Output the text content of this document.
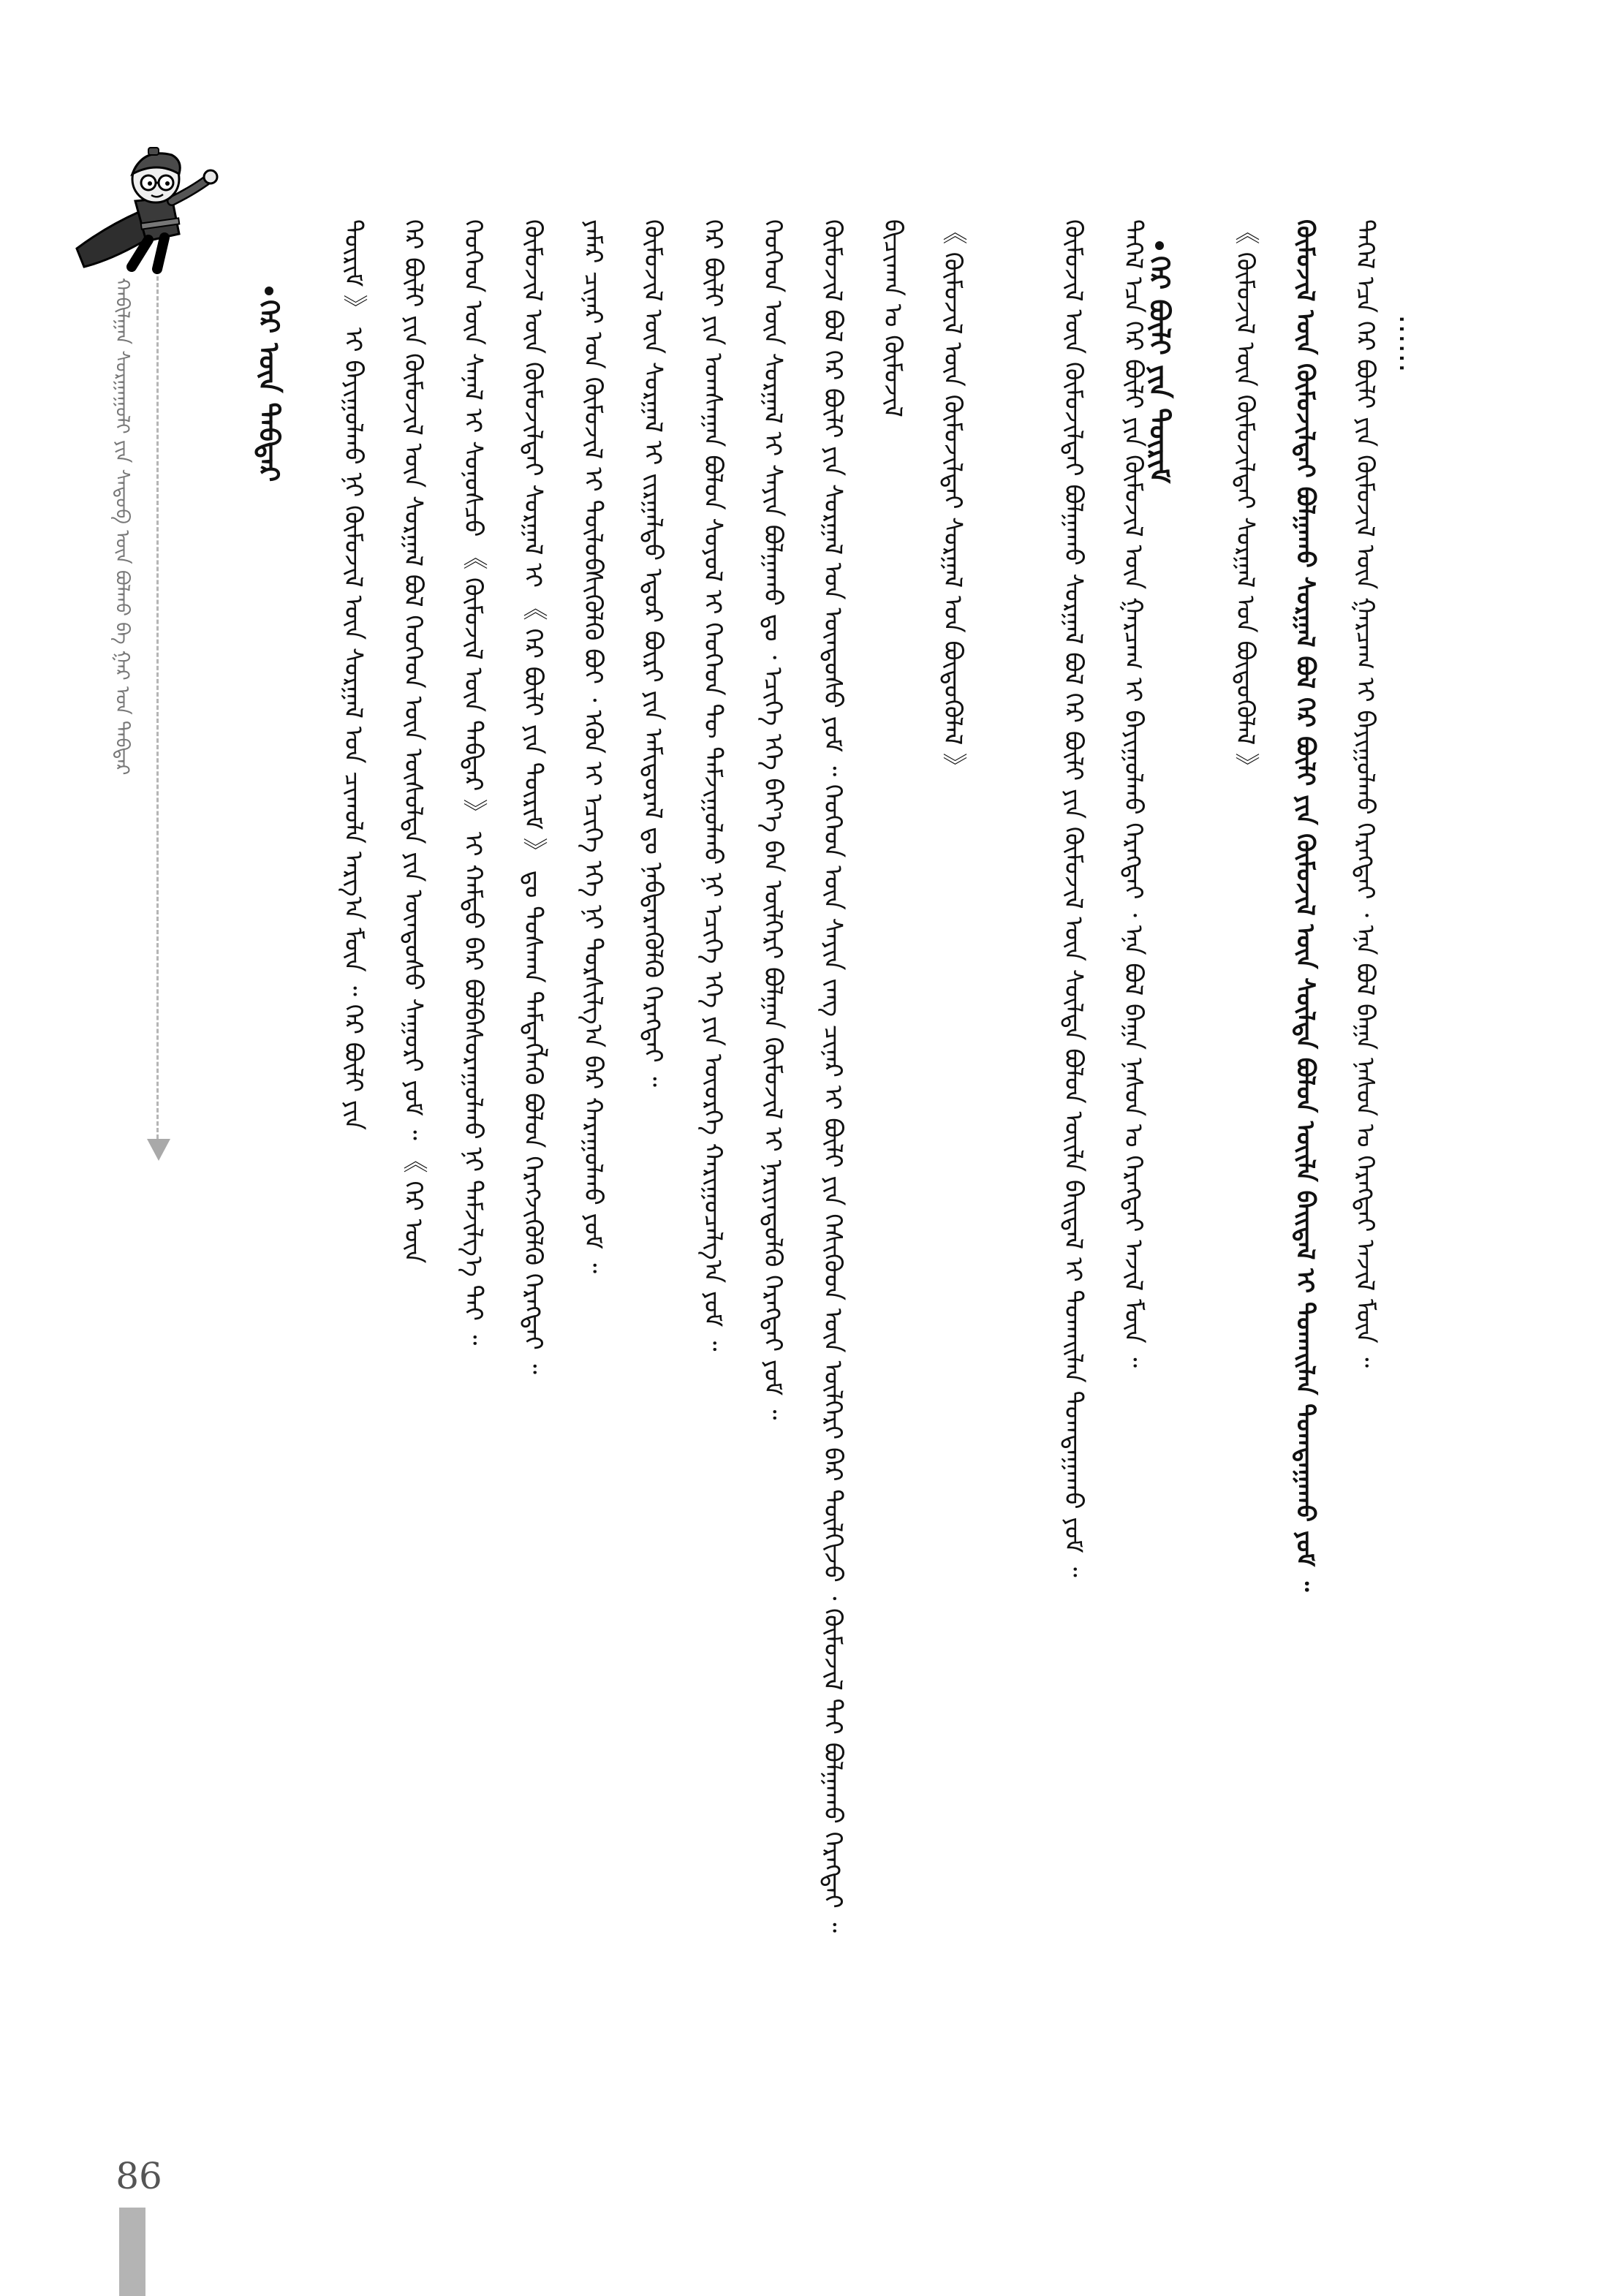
ᠬᠠᠪᠢᠯᠭᠠᠨ ᠰᠤᠷᠭᠠᠭᠤᠯᠢ ᠶᠢᠨ ᠰᠡᠳᠦᠪ ᠦᠨ ᠪᠤᠯᠬᠤ ᠪᠠ ᠭᠠᠷ ᠤᠨ ᠳᠡᠪᠲᠡᠷ	ᠭᠡᠷ ᠦᠨ ᠳᠡᠪᠲᠡᠷ ᠳᠦᠷᠢᠮ 》 ᠢ ᠪᠠᠶᠢᠭᠤᠯᠬᠤ ᠨᠢ ᠬᠦᠮᠦᠵᠢᠯ ᠦᠨ ᠰᠤᠷᠭᠠᠯ ᠤᠨ ᠴᠢᠬᠤᠯᠠ ᠠᠷᠭ᠎ᠠ ᠮᠦᠨ ᠃ ᠭᠡᠷ ᠪᠦᠯᠢ ᠶᠢᠨ ᠭᠡᠷ ᠪᠦᠯᠢ ᠶᠢᠨ ᠬᠦᠮᠦᠵᠢᠯ ᠦᠨ ᠰᠤᠷᠭᠠᠯ ᠪᠤᠯ ᠬᠡᠦᠬᠡᠳ ᠦᠨ ᠥᠰᠦᠯᠲᠡ ᠶᠢᠨ ᠦᠨᠳᠦᠰᠦ ᠰᠠᠭᠤᠷᠢ ᠶᠤᠮ ᠃ 《 ᠭᠡᠷ ᠦᠨ ᠬᠡᠦᠬᠡᠳ ᠦᠨ ᠰᠠᠨᠠᠯ ᠢ ᠰᠣᠨᠣᠰᠴᠤ 《 ᠬᠦᠮᠦᠵᠢᠯ ᠦᠨ ᠳᠡᠪᠲᠡᠷ 》 ᠢ ᠬᠠᠮᠲᠤ ᠪᠡᠷ ᠪᠣᠯᠪᠠᠰᠤᠷᠠᠭᠤᠯᠬᠤ ᠨᠢ ᠳᠡᠮᠵᠢᠯᠭ᠎ᠡ ᠲᠡᠢ ᠃ ᠬᠦᠮᠦᠵᠢᠯ ᠦᠨ ᠬᠦᠮᠦᠵᠢᠯᠲᠡᠢ ᠰᠤᠷᠭᠠᠯ ᠢ 《 ᠭᠡᠷ ᠪᠦᠯᠢ ᠶᠢᠨ ᠳᠦᠷᠢᠮ 》 ᠳᠤ ᠲᠤᠰᠬᠠᠨ ᠲᠡᠮᠳᠡᠭᠯᠡᠬᠦ ᠪᠤᠯᠤᠨ ᠬᠡᠷᠡᠭᠵᠢᠭᠦᠯᠬᠦ ᠬᠡᠷᠡᠭᠲᠡᠢ ᠃ ᠶᠠᠮᠠᠷ ᠴᠢᠨᠠᠷ ᠤᠨ ᠬᠦᠮᠦᠵᠢᠯ ᠢ ᠲᠥᠯᠥᠪᠰᠢᠭᠦᠯᠬᠦ ᠪᠤᠢ ᠂ ᠡᠭᠦᠨ ᠢ ᠡᠴᠢᠭᠡ ᠡᠬᠡ ᠨᠢ ᠲᠤᠷᠰᠢᠯᠭ᠎ᠠ ᠪᠡᠷ ᠬᠠᠷᠠᠭᠤᠯᠬᠤ ᠶᠤᠮ ᠃ ᠬᠦᠮᠦᠵᠢᠯ ᠦᠨ ᠰᠤᠷᠭᠠᠯ ᠢ ᠵᠢᠷᠭᠠᠯᠳᠤ ᠡᠳᠦᠷ ᠪᠦᠷᠢ ᠶᠢᠨ ᠠᠮᠢᠳᠤᠷᠠᠯ ᠳᠤ ᠨᠡᠪᠲᠡᠷᠡᠭᠦᠯᠬᠦ ᠬᠡᠷᠡᠭᠲᠡᠢ ᠃ ᠭᠡᠷ ᠪᠦᠯᠢ ᠶᠢᠨ ᠤᠭᠰᠠᠭᠠᠨ ᠪᠤᠯᠤᠨ ᠰᠤᠶᠤᠯ ᠢ ᠬᠡᠦᠬᠡᠳ ᠲᠦ ᠳᠠᠮᠵᠢᠭᠤᠯᠬᠤ ᠨᠢ ᠡᠴᠢᠭᠡ ᠡᠬᠡ ᠶᠢᠨ ᠦᠦᠷᠭᠡ ᠬᠠᠷᠢᠭᠤᠴᠠᠯᠭ᠎ᠠ ᠶᠤᠮ ᠃ ᠬᠡᠦᠬᠡᠳ ᠦᠨ ᠰᠤᠷᠭᠠᠯ ᠢ ᠰᠠᠶᠢᠨ ᠪᠤᠯᠭᠠᠬᠤ ᠳᠤ ᠂ ᠡᠴᠢᠭᠡ ᠡᠬᠡ ᠪᠡᠶ᠎ᠡ ᠪᠡᠨ ᠦᠯᠭᠡᠷᠢ ᠪᠤᠯᠭᠠᠨ ᠬᠦᠮᠦᠵᠢᠯ ᠢ ᠨᠡᠷᠢᠶᠡᠳᠦᠯᠬᠦ ᠬᠡᠷᠡᠭᠲᠡᠢ ᠶᠤᠮ ᠃ ᠬᠦᠮᠦᠵᠢᠯ ᠪᠤᠯ ᠭᠡᠷ ᠪᠦᠯᠢ ᠶᠢᠨ ᠰᠤᠷᠭᠠᠯ ᠤᠨ ᠦᠨᠳᠦᠰᠦ ᠶᠤᠮ ᠃ ᠬᠡᠦᠬᠡᠳ ᠦᠨ ᠰᠠᠶᠢᠨ ᠵᠠᠩ ᠴᠢᠨᠠᠷ ᠢ ᠪᠦᠯᠢ ᠶᠢᠨ ᠭᠡᠰᠢᠭᠦᠳ ᠦᠨ ᠦᠯᠭᠡᠷᠢ ᠪᠡᠷ ᠲᠦᠯᠬᠢᠵᠦ ᠂ ᠬᠦᠮᠦᠵᠢᠯ ᠲᠡᠢ ᠪᠤᠯᠭᠠᠬᠤ ᠬᠡᠷᠡᠭᠲᠡᠢ ᠃ ᠪᠢᠴᠢᠬᠠᠨ ᠤ ᠬᠦᠮᠦᠵᠢᠯ 《 ᠬᠦᠮᠦᠵᠢᠯ ᠦᠨ ᠬᠦᠮᠦᠵᠢᠯᠲᠡᠢ ᠰᠤᠷᠭᠠᠯ ᠤᠨ ᠪᠦᠳᠦᠭᠦᠯᠡᠯ 》	ᠭᠡᠷ ᠪᠦᠯᠢ ᠶᠢᠨ ᠳᠦᠷᠢᠮ
ᠬᠦᠮᠦᠵᠢᠯ ᠦᠨ ᠬᠦᠮᠦᠵᠢᠯᠲᠡᠢ ᠪᠤᠯᠭᠠᠬᠤ ᠰᠤᠷᠭᠠᠯ ᠪᠤᠯ ᠭᠡᠷ ᠪᠦᠯᠢ ᠶᠢᠨ ᠬᠦᠮᠦᠵᠢᠯ ᠦᠨ ᠰᠦᠯᠳᠡ ᠪᠤᠯᠤᠨ ᠦᠢᠯᠡ ᠪᠠᠢᠳᠠᠯ ᠢ ᠲᠤᠬᠠᠢᠯᠠᠨ ᠲᠣᠭᠲᠠᠭᠠᠬᠤ ᠶᠤᠮ ᠃ ᠲᠡᠭᠡᠯ ᠡᠴᠡ ᠭᠡᠷ ᠪᠦᠯᠢ ᠶᠢᠨ ᠬᠦᠮᠦᠵᠢᠯ ᠦᠨ ᠭᠠᠷᠴᠠᠭ ᠢ ᠪᠠᠶᠢᠭᠤᠯᠬᠤ ᠬᠡᠷᠡᠭᠲᠡᠢ ᠂ ᠡᠨᠡ ᠪᠤᠯ ᠪᠠᠭᠠ ᠨᠠᠰᠤᠨ ᠤ ᠬᠡᠷᠡᠭᠲᠡᠢ ᠠᠵᠢᠯ ᠮᠦᠨ ᠃	《 ᠬᠦᠮᠦᠵᠢᠯ ᠦᠨ ᠬᠦᠮᠦᠵᠢᠯᠲᠡᠢ ᠰᠤᠷᠭᠠᠯ ᠤᠨ ᠪᠦᠳᠦᠭᠦᠯᠡᠯ 》 ᠬᠦᠮᠦᠵᠢᠯ ᠦᠨ ᠬᠦᠮᠦᠵᠢᠯᠲᠡᠢ ᠪᠤᠯᠭᠠᠬᠤ ᠰᠤᠷᠭᠠᠯ ᠪᠤᠯ ᠭᠡᠷ ᠪᠦᠯᠢ ᠶᠢᠨ ᠬᠦᠮᠦᠵᠢᠯ ᠦᠨ ᠰᠦᠯᠳᠡ ᠪᠤᠯᠤᠨ ᠦᠢᠯᠡ ᠪᠠᠢᠳᠠᠯ ᠢ ᠲᠤᠬᠠᠢᠯᠠᠨ ᠲᠣᠭᠲᠠᠭᠠᠬᠤ ᠶᠤᠮ ᠃ ᠲᠡᠭᠡᠯ ᠡᠴᠡ ᠭᠡᠷ ᠪᠦᠯᠢ ᠶᠢᠨ ᠬᠦᠮᠦᠵᠢᠯ ᠦᠨ ᠭᠠᠷᠴᠠᠭ ᠢ ᠪᠠᠶᠢᠭᠤᠯᠬᠤ ᠬᠡᠷᠡᠭᠲᠡᠢ ᠂ ᠡᠨᠡ ᠪᠤᠯ ᠪᠠᠭᠠ ᠨᠠᠰᠤᠨ ᠤ ᠬᠡᠷᠡᠭᠲᠡᠢ ᠠᠵᠢᠯ ᠮᠦᠨ ᠃ ……
86
